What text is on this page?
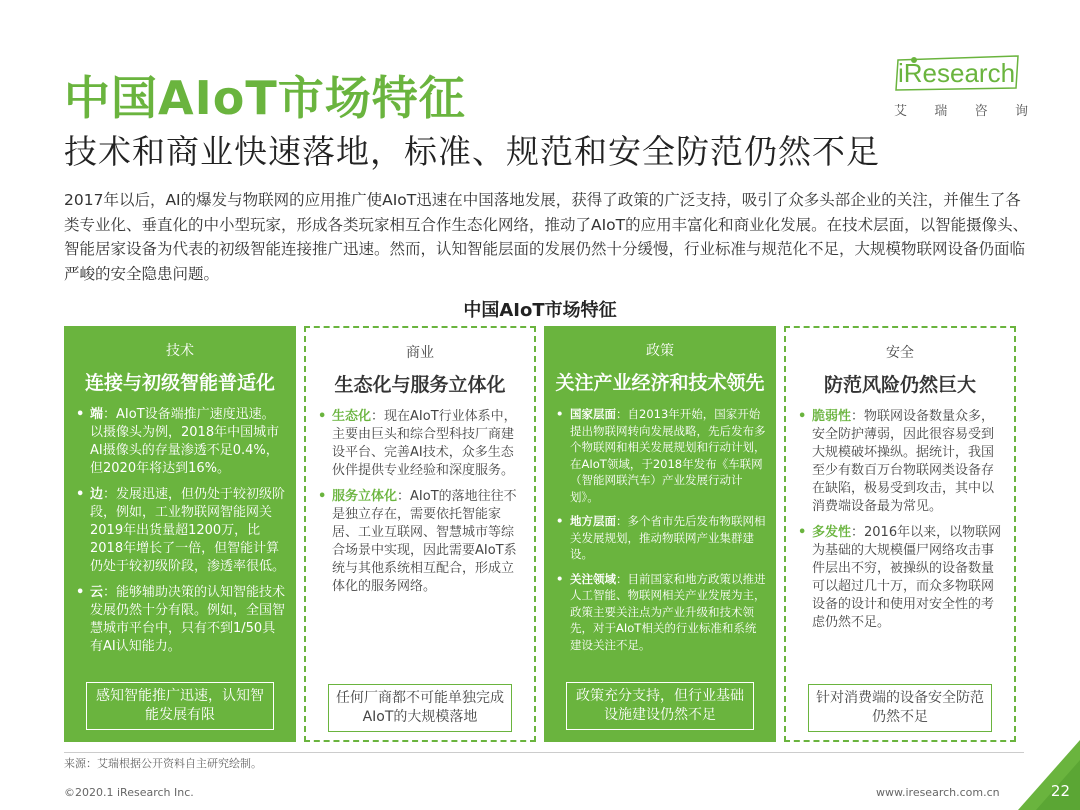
中国AIoT市场特征
技术和商业快速落地，标准、规范和安全防范仍然不足
iResearch
艾 瑞 咨 询

2017年以后，AI的爆发与物联网的应用推广使AIoT迅速在中国落地发展，获得了政策的广泛支持，吸引了众多头部企业的关注，并催生了各类专业化、垂直化的中小型玩家，形成各类玩家相互合作生态化网络，推动了AIoT的应用丰富化和商业化发展。在技术层面，以智能摄像头、智能居家设备为代表的初级智能连接推广迅速。然而，认知智能层面的发展仍然十分缓慢，行业标准与规范化不足，大规模物联网设备仍面临严峻的安全隐患问题。

中国AIoT市场特征
技术
连接与初级智能普适化
• 端：AIoT设备端推广速度迅速。以摄像头为例，2018年中国城市AI摄像头的存量渗透不足0.4%，但2020年将达到16%。
• 边：发展迅速，但仍处于较初级阶段，例如，工业物联网智能网关2019年出货量超1200万，比2018年增长了一倍，但智能计算仍处于较初级阶段，渗透率很低。
• 云：能够辅助决策的认知智能技术发展仍然十分有限。例如，全国智慧城市平台中，只有不到1/50具有AI认知能力。
感知智能推广迅速，认知智能发展有限
商业
生态化与服务立体化
• 生态化：现在AIoT行业体系中，主要由巨头和综合型科技厂商建设平台、完善AI技术，众多生态伙伴提供专业经验和深度服务。
• 服务立体化：AIoT的落地往往不是独立存在，需要依托智能家居、工业互联网、智慧城市等综合场景中实现，因此需要AIoT系统与其他系统相互配合，形成立体化的服务网络。
任何厂商都不可能单独完成AIoT的大规模落地
政策
关注产业经济和技术领先
• 国家层面：自2013年开始，国家开始提出物联网转向发展战略，先后发布多个物联网和相关发展规划和行动计划，在AIoT领域，于2018年发布《车联网（智能网联汽车）产业发展行动计划》。
• 地方层面：多个省市先后发布物联网相关发展规划，推动物联网产业集群建设。
• 关注领域：目前国家和地方政策以推进人工智能、物联网相关产业发展为主，政策主要关注点为产业升级和技术领先，对于AIoT相关的行业标准和系统建设关注不足。
政策充分支持，但行业基础设施建设仍然不足
安全
防范风险仍然巨大
• 脆弱性：物联网设备数量众多，安全防护薄弱，因此很容易受到大规模破坏操纵。据统计，我国至少有数百万台物联网类设备存在缺陷，极易受到攻击，其中以消费端设备最为常见。
• 多发性：2016年以来，以物联网为基础的大规模僵尸网络攻击事件层出不穷，被操纵的设备数量可以超过几十万，而众多物联网设备的设计和使用对安全性的考虑仍然不足。
针对消费端的设备安全防范仍然不足
来源：艾瑞根据公开资料自主研究绘制。
©2020.1 iResearch Inc.	www.iresearch.com.cn	22
